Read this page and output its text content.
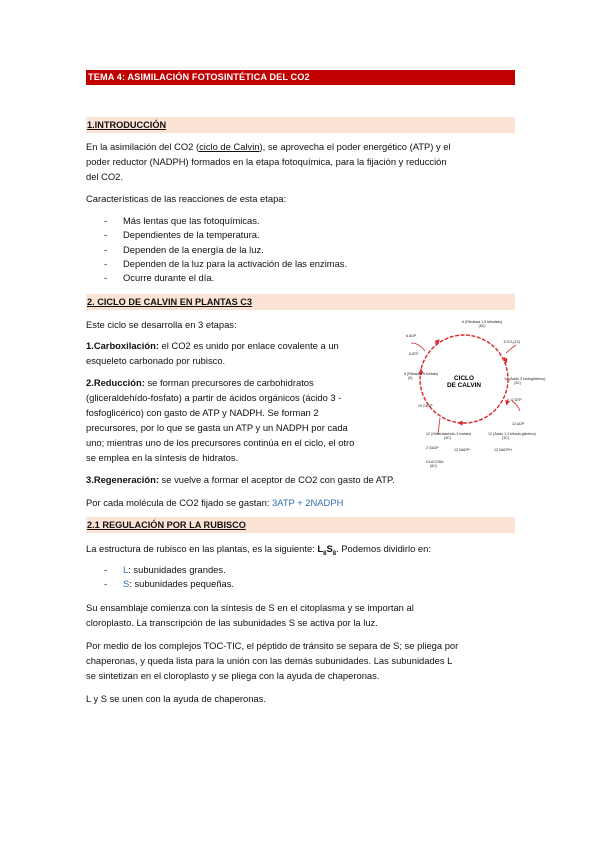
TEMA 4: ASIMILACIÓN FOTOSINTÉTICA DEL CO2
1.INTRODUCCIÓN
En la asimilación del CO2 (ciclo de Calvin), se aprovecha el poder energético (ATP) y el
poder reductor (NADPH) formados en la etapa fotoquímica, para la fijación y reducción
del CO2.
Características de las reacciones de esta etapa:
- Más lentas que las fotoquímicas.
- Dependientes de la temperatura.
- Dependen de la energía de la luz.
- Dependen de la luz para la activación de las enzimas.
- Ocurre durante el día.
2. CICLO DE CALVIN EN PLANTAS C3
Este ciclo se desarrolla en 3 etapas:
1.Carboxilación: el CO2 es unido por enlace covalente a un
esqueleto carbonado por rubisco.
2.Reducción: se forman precursores de carbohidratos
(gliceraldehído-fosfato) a partir de ácidos orgánicos (ácido 3 -
fosfoglicérico) con gasto de ATP y NADPH. Se forman 2
precursores, por lo que se gasta un ATP y un NADPH por cada
uno; mientras uno de los precursores continúa en el ciclo, el otro
se emplea en la síntesis de hidratos.
3.Regeneración: se vuelve a formar el aceptor de CO2 con gasto de ATP.
Por cada molécula de CO2 fijado se gastan: 3ATP + 2NADPH
CICLO
DE CALVIN
6 (Ribulosa 1,5 bifosfato)
(5C)
6 CO₂(1C)
6 ADP
6 ATP
6 (Ribulosa 5 fosfato)
(5)	12 (Ácido 3 fosfoglicérico)
(3C)
12 ATP
10 GA3P
12 ADP
12 (Gliceraldehído 3 fosfato)
(3C)
12 (Ácido 1,3 bifosfo-glicérico)
(3C)
12 NADP⁺	12 NADPH
2 GA3P
GLUCOSA
(6C)
2.1 REGULACIÓN POR LA RUBISCO
La estructura de rubisco en las plantas, es la siguiente: $L_8S_8$. Podemos dividirlo en:
- L: subunidades grandes.
- S: subunidades pequeñas.
Su ensamblaje comienza con la síntesis de S en el citoplasma y se importan al
cloroplasto. La transcripción de las subunidades S se activa por la luz.
Por medio de los complejos TOC-TIC, el péptido de tránsito se separa de S; se pliega por
chaperonas, y queda lista para la unión con las demás subunidades. Las subunidades L
se sintetizan en el cloroplasto y se pliega con la ayuda de chaperonas.
L y S se unen con la ayuda de chaperonas.
